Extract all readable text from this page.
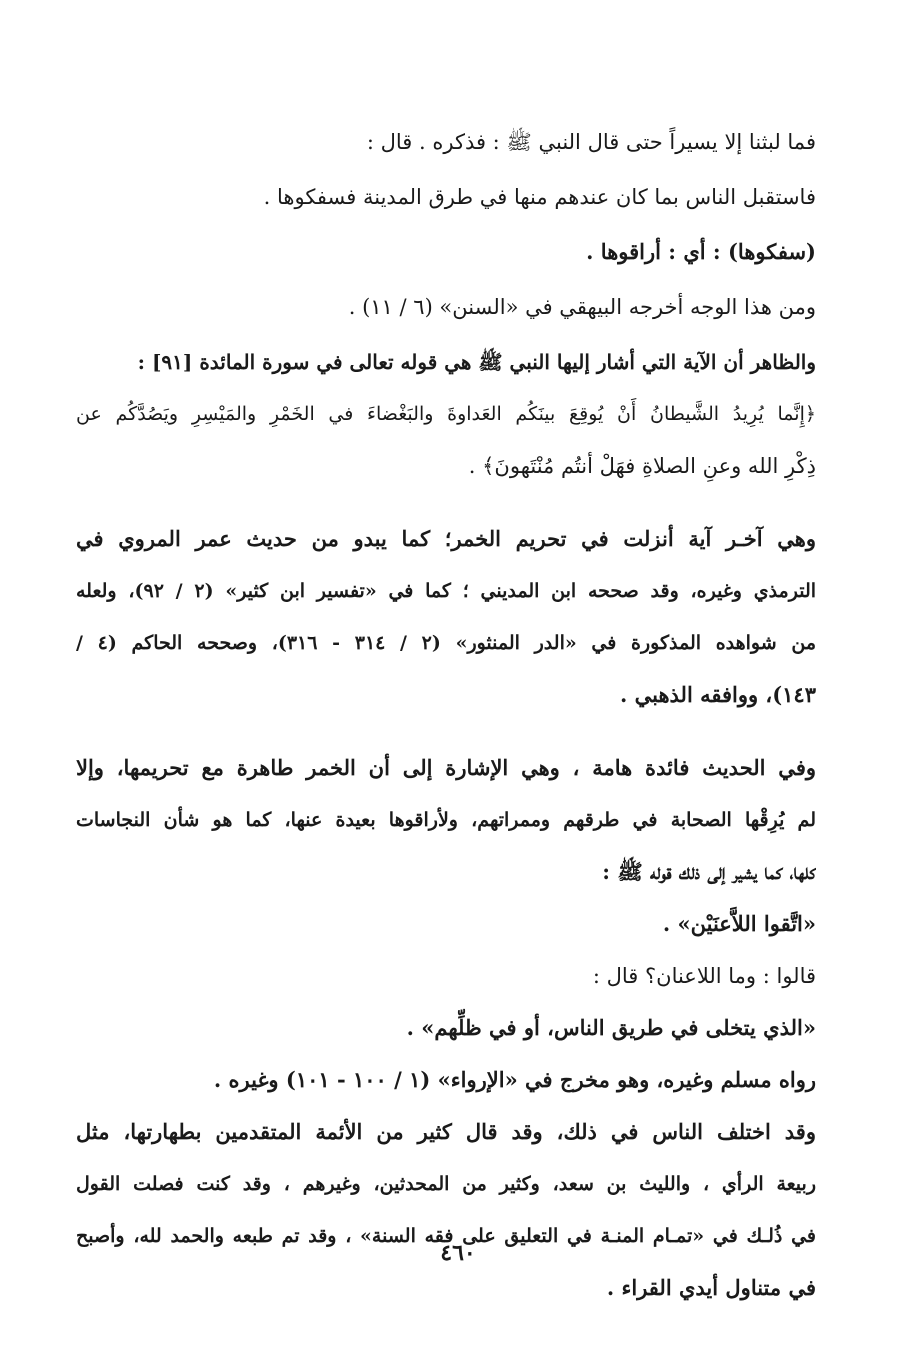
فما لبثنا إلا يسيراً حتى قال النبي ﷺ : فذكره . قال :
فاستقبل الناس بما كان عندهم منها في طرق المدينة فسفكوها .
(سفكوها) : أي : أراقوها .
ومن هذا الوجه أخرجه البيهقي في «السنن» (٦ / ١١) .
والظاهر أن الآية التي أشار إليها النبي ﷺ هي قوله تعالى في سورة المائدة [٩١] :
﴿إِنَّما يُرِيدُ الشَّيطانُ أَنْ يُوقِعَ بينَكُم العَداوةَ والبَغْضاءَ في الخَمْرِ والمَيْسِرِ ويَصُدَّكُم عن
ذِكْرِ الله وعنِ الصلاةِ فهَلْ أنتُم مُنْتَهونَ﴾ .
وهي آخـر آية أنزلت في تحريم الخمر؛ كما يبدو من حديث عمر المروي في
الترمذي وغيره، وقد صححه ابن المديني ؛ كما في «تفسير ابن كثير» (٢ / ٩٢)، ولعله
من شواهده المذكورة في «الدر المنثور» (٢ / ٣١٤ - ٣١٦)، وصححه الحاكم (٤ /
١٤٣)، ووافقه الذهبي .
وفي الحديث فائدة هامة ، وهي الإشارة إلى أن الخمر طاهرة مع تحريمها، وإلا
لم يُرِقْها الصحابة في طرقهم وممراتهم، ولأراقوها بعيدة عنها، كما هو شأن النجاسات
كلها، كما يشير إلى ذلك قوله ﷺ :
«اتَّقوا اللاَّعنَيْن» .
قالوا : وما اللاعنان؟ قال :
«الذي يتخلى في طريق الناس، أو في ظلِّهم» .
رواه مسلم وغيره، وهو مخرج في «الإرواء» (١ / ١٠٠ - ١٠١) وغيره .
وقد اختلف الناس في ذلك، وقد قال كثير من الأئمة المتقدمين بطهارتها، مثل
ربيعة الرأي ، والليث بن سعد، وكثير من المحدثين، وغيرهم ، وقد كنت فصلت القول
في ذُلـك في «تمـام المنـة في التعليق على فقه السنة» ، وقد تم طبعه والحمد لله، وأصبح
في متناول أيدي القراء .
٤٦٠
